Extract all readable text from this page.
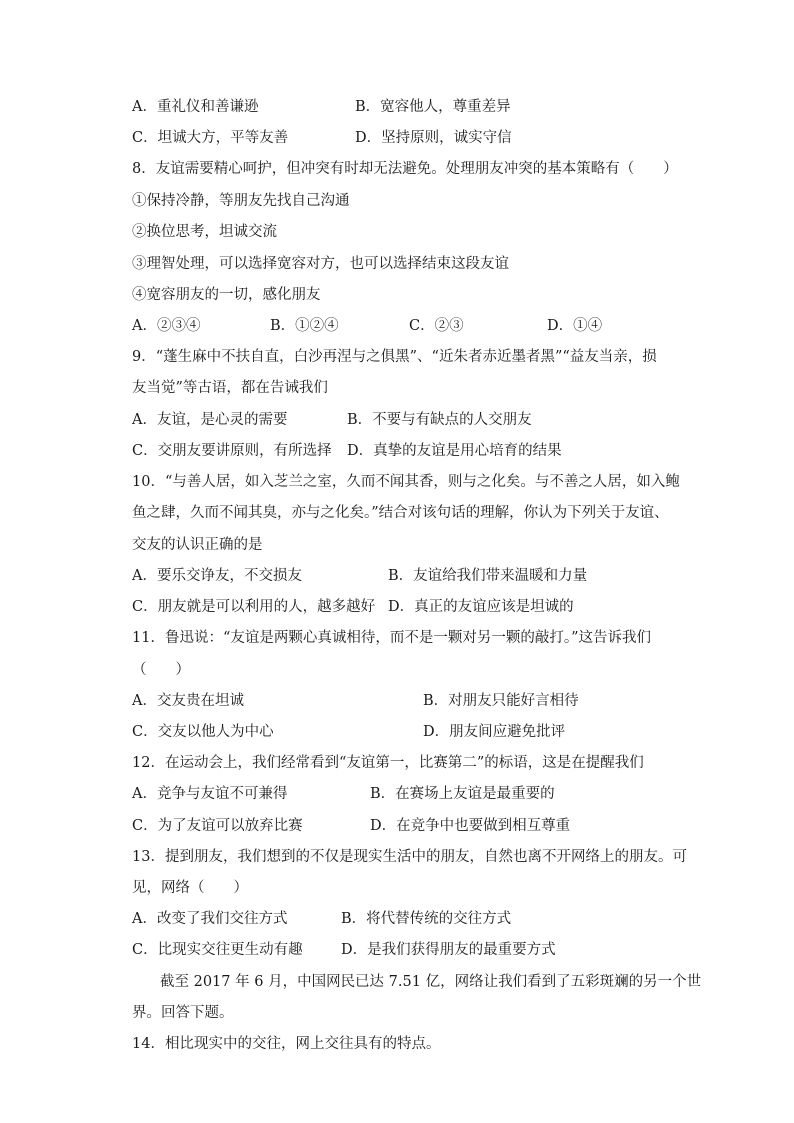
A．重礼仪和善谦逊	B．宽容他人，尊重差异
C．坦诚大方，平等友善	D．坚持原则，诚实守信
8．友谊需要精心呵护，但冲突有时却无法避免。处理朋友冲突的基本策略有（　　）
①保持冷静，等朋友先找自己沟通
②换位思考，坦诚交流
③理智处理，可以选择宽容对方，也可以选择结束这段友谊
④宽容朋友的一切，感化朋友
A．②③④	B．①②④	C．②③	D．①④
9．“蓬生麻中不扶自直，白沙再涅与之俱黑”、“近朱者赤近墨者黑”“益友当亲，损
友当觉”等古语，都在告诫我们
A．友谊，是心灵的需要	B．不要与有缺点的人交朋友
C．交朋友要讲原则，有所选择 D．真挚的友谊是用心培育的结果
10．“与善人居，如入芝兰之室，久而不闻其香，则与之化矣。与不善之人居，如入鲍
鱼之肆，久而不闻其臭，亦与之化矣。”结合对该句话的理解，你认为下列关于友谊、
交友的认识正确的是
A．要乐交诤友，不交损友	B．友谊给我们带来温暖和力量
C．朋友就是可以利用的人，越多越好 D．真正的友谊应该是坦诚的
11．鲁迅说：“友谊是两颗心真诚相待，而不是一颗对另一颗的敲打。”这告诉我们
（　　）
A．交友贵在坦诚	B．对朋友只能好言相待
C．交友以他人为中心	D．朋友间应避免批评
12．在运动会上，我们经常看到“友谊第一，比赛第二”的标语，这是在提醒我们
A．竞争与友谊不可兼得	B．在赛场上友谊是最重要的
C．为了友谊可以放弃比赛	D．在竞争中也要做到相互尊重
13．提到朋友，我们想到的不仅是现实生活中的朋友，自然也离不开网络上的朋友。可
见，网络（　　）
A．改变了我们交往方式	B．将代替传统的交往方式
C．比现实交往更生动有趣	D．是我们获得朋友的最重要方式
截至 2017 年 6 月，中国网民已达 7.51 亿，网络让我们看到了五彩斑斓的另一个世
界。回答下题。
14．相比现实中的交往，网上交往具有的特点。
